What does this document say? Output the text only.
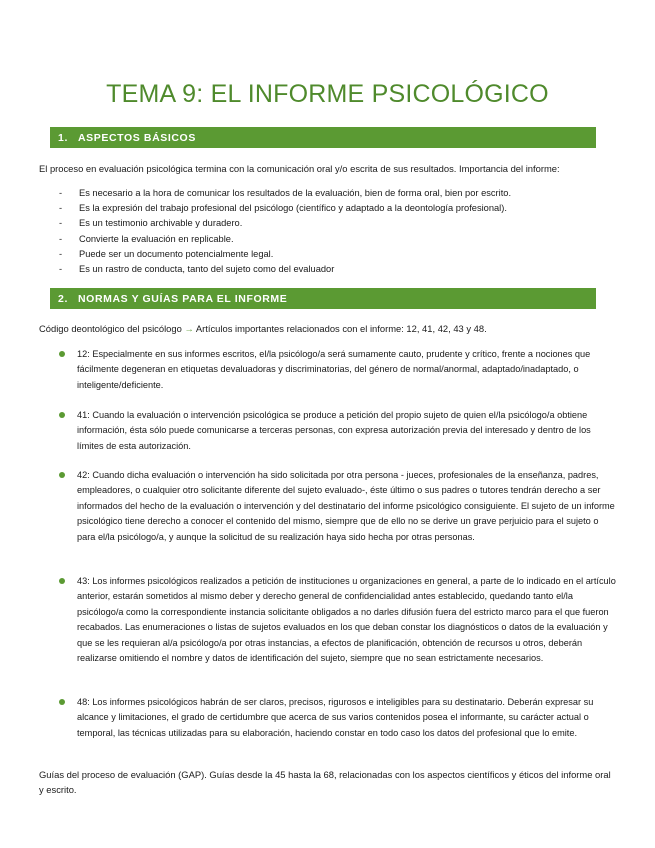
TEMA 9: EL INFORME PSICOLÓGICO
1. ASPECTOS BÁSICOS
El proceso en evaluación psicológica termina con la comunicación oral y/o escrita de sus resultados. Importancia del informe:
- Es necesario a la hora de comunicar los resultados de la evaluación, bien de forma oral, bien por escrito.
- Es la expresión del trabajo profesional del psicólogo (científico y adaptado a la deontología profesional).
- Es un testimonio archivable y duradero.
- Convierte la evaluación en replicable.
- Puede ser un documento potencialmente legal.
- Es un rastro de conducta, tanto del sujeto como del evaluador
2. NORMAS Y GUÍAS PARA EL INFORME
Código deontológico del psicólogo → Artículos importantes relacionados con el informe: 12, 41, 42, 43 y 48.
12: Especialmente en sus informes escritos, el/la psicólogo/a será sumamente cauto, prudente y crítico, frente a nociones que fácilmente degeneran en etiquetas devaluadoras y discriminatorias, del género de normal/anormal, adaptado/inadaptado, o inteligente/deficiente.
41: Cuando la evaluación o intervención psicológica se produce a petición del propio sujeto de quien el/la psicólogo/a obtiene información, ésta sólo puede comunicarse a terceras personas, con expresa autorización previa del interesado y dentro de los límites de esta autorización.
42: Cuando dicha evaluación o intervención ha sido solicitada por otra persona - jueces, profesionales de la enseñanza, padres, empleadores, o cualquier otro solicitante diferente del sujeto evaluado-, éste último o sus padres o tutores tendrán derecho a ser informados del hecho de la evaluación o intervención y del destinatario del informe psicológico consiguiente. El sujeto de un informe psicológico tiene derecho a conocer el contenido del mismo, siempre que de ello no se derive un grave perjuicio para el sujeto o para el/la psicólogo/a, y aunque la solicitud de su realización haya sido hecha por otras personas.
43: Los informes psicológicos realizados a petición de instituciones u organizaciones en general, a parte de lo indicado en el artículo anterior, estarán sometidos al mismo deber y derecho general de confidencialidad antes establecido, quedando tanto el/la psicólogo/a como la correspondiente instancia solicitante obligados a no darles difusión fuera del estricto marco para el que fueron recabados. Las enumeraciones o listas de sujetos evaluados en los que deban constar los diagnósticos o datos de la evaluación y que se les requieran al/a psicólogo/a por otras instancias, a efectos de planificación, obtención de recursos u otros, deberán realizarse omitiendo el nombre y datos de identificación del sujeto, siempre que no sean estrictamente necesarios.
48: Los informes psicológicos habrán de ser claros, precisos, rigurosos e inteligibles para su destinatario. Deberán expresar su alcance y limitaciones, el grado de certidumbre que acerca de sus varios contenidos posea el informante, su carácter actual o temporal, las técnicas utilizadas para su elaboración, haciendo constar en todo caso los datos del profesional que lo emite.
Guías del proceso de evaluación (GAP). Guías desde la 45 hasta la 68, relacionadas con los aspectos científicos y éticos del informe oral y escrito.
